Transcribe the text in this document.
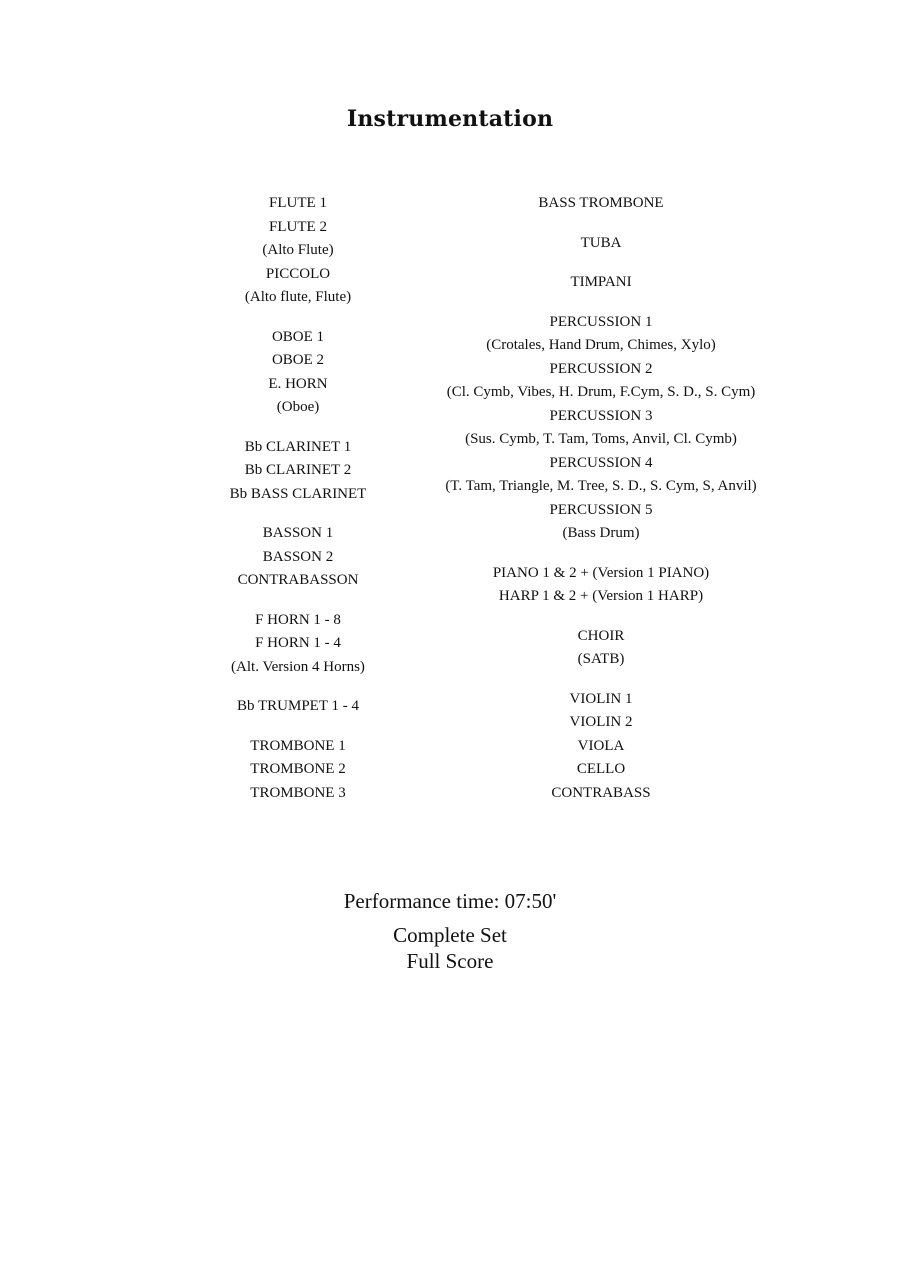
Instrumentation
FLUTE 1
FLUTE 2
(Alto Flute)
PICCOLO
(Alto flute, Flute)
OBOE 1
OBOE 2
E. HORN
(Oboe)
Bb CLARINET 1
Bb CLARINET 2
Bb BASS CLARINET
BASSON 1
BASSON 2
CONTRABASSON
F HORN 1 - 8
F HORN 1 - 4
(Alt. Version 4 Horns)
Bb TRUMPET 1 - 4
TROMBONE 1
TROMBONE 2
TROMBONE 3
BASS TROMBONE
TUBA
TIMPANI
PERCUSSION 1
(Crotales, Hand Drum, Chimes, Xylo)
PERCUSSION 2
(Cl. Cymb, Vibes, H. Drum, F.Cym, S. D., S. Cym)
PERCUSSION 3
(Sus. Cymb, T. Tam, Toms, Anvil, Cl. Cymb)
PERCUSSION 4
(T. Tam, Triangle, M. Tree, S. D., S. Cym, S, Anvil)
PERCUSSION 5
(Bass Drum)
PIANO 1 & 2 + (Version 1 PIANO)
HARP 1 & 2 + (Version 1 HARP)
CHOIR
(SATB)
VIOLIN 1
VIOLIN 2
VIOLA
CELLO
CONTRABASS
Performance time: 07:50'
Complete Set
Full Score
